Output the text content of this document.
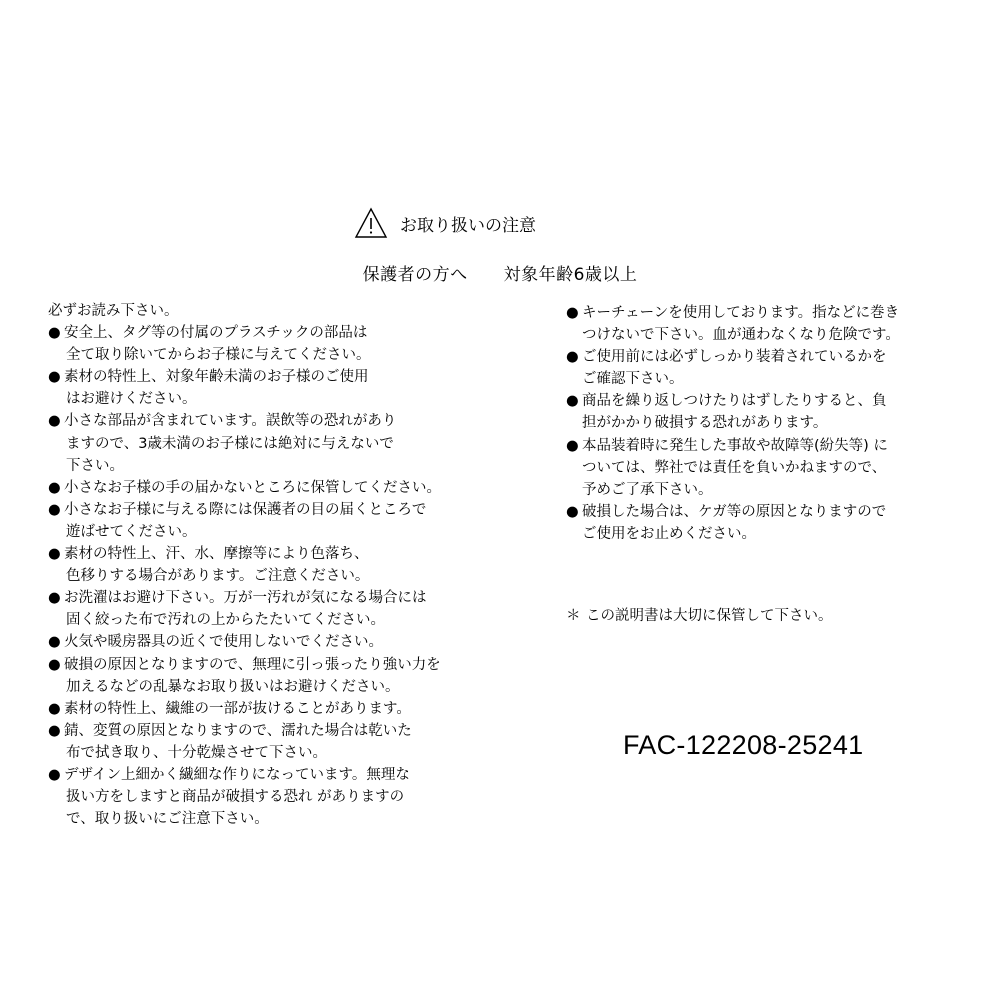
お取り扱いの注意
保護者の方へ 対象年齢6歳以上
必ずお読み下さい。
● 安全上、タグ等の付属のプラスチックの部品は
全て取り除いてからお子様に与えてください。
● 素材の特性上、対象年齢未満のお子様のご使用
はお避けください。
● 小さな部品が含まれています。誤飲等の恐れがあり
ますので、3歳未満のお子様には絶対に与えないで
下さい。
● 小さなお子様の手の届かないところに保管してください。
● 小さなお子様に与える際には保護者の目の届くところで
遊ばせてください。
● 素材の特性上、汗、水、摩擦等により色落ち、
色移りする場合があります。ご注意ください。
● お洗濯はお避け下さい。万が一汚れが気になる場合には
固く絞った布で汚れの上からたたいてください。
● 火気や暖房器具の近くで使用しないでください。
● 破損の原因となりますので、無理に引っ張ったり強い力を
加えるなどの乱暴なお取り扱いはお避けください。
● 素材の特性上、繊維の一部が抜けることがあります。
● 錆、変質の原因となりますので、濡れた場合は乾いた
布で拭き取り、十分乾燥させて下さい。
● デザイン上細かく繊細な作りになっています。無理な
扱い方をしますと商品が破損する恐れ がありますの
で、取り扱いにご注意下さい。
● キーチェーンを使用しております。指などに巻き
つけないで下さい。血が通わなくなり危険です。
● ご使用前には必ずしっかり装着されているかを
ご確認下さい。
● 商品を繰り返しつけたりはずしたりすると、負
担がかかり破損する恐れがあります。
● 本品装着時に発生した事故や故障等(紛失等) に
ついては、弊社では責任を負いかねますので、
予めご了承下さい。
● 破損した場合は、ケガ等の原因となりますので
ご使用をお止めください。
＊ この説明書は大切に保管して下さい。
FAC-122208-25241
